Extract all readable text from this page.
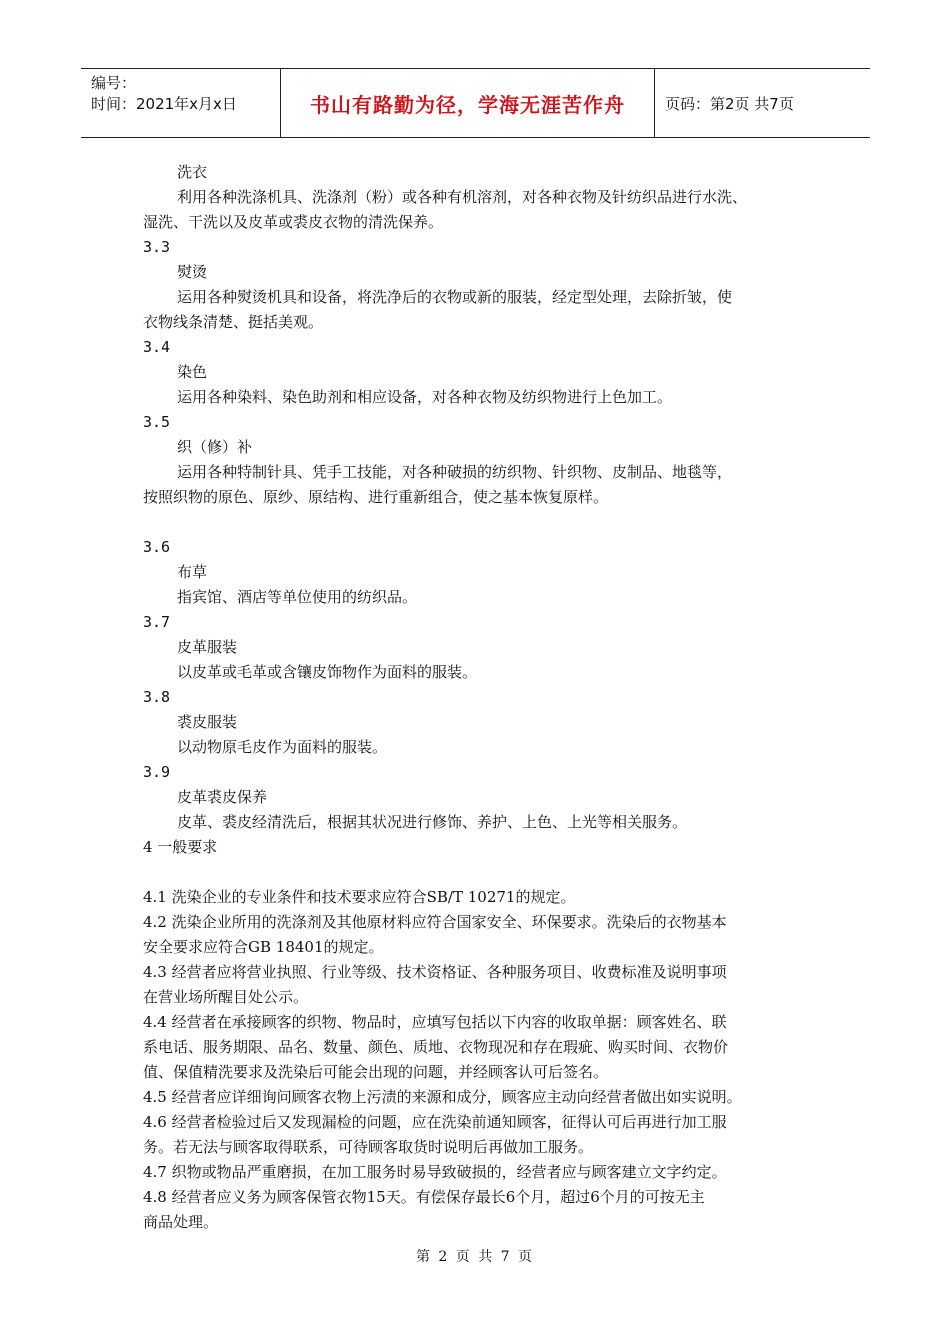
编号：
时间：2021年x月x日	书山有路勤为径，学海无涯苦作舟	页码：第2页 共7页
洗衣
利用各种洗涤机具、洗涤剂（粉）或各种有机溶剂，对各种衣物及针纺织品进行水洗、
湿洗、干洗以及皮革或裘皮衣物的清洗保养。
3.3
熨烫
运用各种熨烫机具和设备，将洗净后的衣物或新的服装，经定型处理，去除折皱，使
衣物线条清楚、挺括美观。
3.4
染色
运用各种染料、染色助剂和相应设备，对各种衣物及纺织物进行上色加工。
3.5
织（修）补
运用各种特制针具、凭手工技能，对各种破损的纺织物、针织物、皮制品、地毯等，
按照织物的原色、原纱、原结构、进行重新组合，使之基本恢复原样。
3.6
布草
指宾馆、酒店等单位使用的纺织品。
3.7
皮革服装
以皮革或毛革或含镶皮饰物作为面料的服装。
3.8
裘皮服装
以动物原毛皮作为面料的服装。
3.9
皮革裘皮保养
皮革、裘皮经清洗后，根据其状况进行修饰、养护、上色、上光等相关服务。
4 一般要求
4.1 洗染企业的专业条件和技术要求应符合SB/T 10271的规定。
4.2 洗染企业所用的洗涤剂及其他原材料应符合国家安全、环保要求。洗染后的衣物基本
安全要求应符合GB 18401的规定。
4.3 经营者应将营业执照、行业等级、技术资格证、各种服务项目、收费标准及说明事项
在营业场所醒目处公示。
4.4 经营者在承接顾客的织物、物品时，应填写包括以下内容的收取单据：顾客姓名、联
系电话、服务期限、品名、数量、颜色、质地、衣物现况和存在瑕疵、购买时间、衣物价
值、保值精洗要求及洗染后可能会出现的问题，并经顾客认可后签名。
4.5 经营者应详细询问顾客衣物上污渍的来源和成分，顾客应主动向经营者做出如实说明。
4.6 经营者检验过后又发现漏检的问题，应在洗染前通知顾客，征得认可后再进行加工服
务。若无法与顾客取得联系，可待顾客取货时说明后再做加工服务。
4.7 织物或物品严重磨损，在加工服务时易导致破损的，经营者应与顾客建立文字约定。
4.8 经营者应义务为顾客保管衣物15天。有偿保存最长6个月，超过6个月的可按无主
商品处理。
第 2 页 共 7 页
